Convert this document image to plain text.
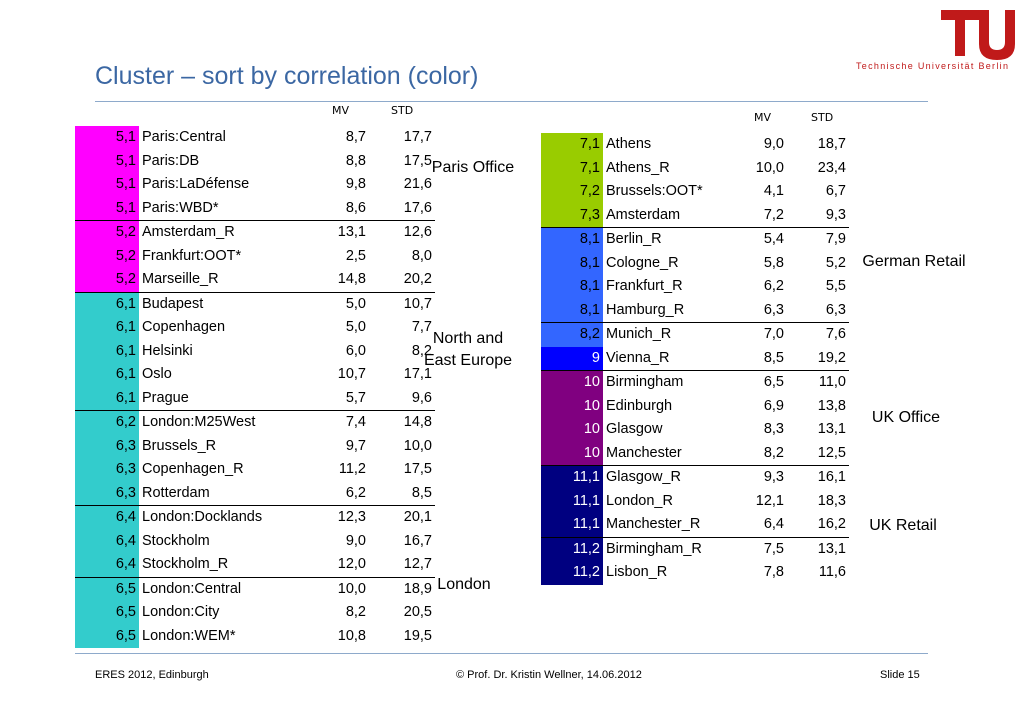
Cluster – sort by correlation (color)	Technische Universität Berlin
MV	STD
5,1	Paris:Central	8,7	17,7
5,1	Paris:DB	8,8	17,5
5,1	Paris:LaDéfense	9,8	21,6
5,1	Paris:WBD*	8,6	17,6
5,2	Amsterdam_R	13,1	12,6
5,2	Frankfurt:OOT*	2,5	8,0
5,2	Marseille_R	14,8	20,2
6,1	Budapest	5,0	10,7
6,1	Copenhagen	5,0	7,7
6,1	Helsinki	6,0	8,2
6,1	Oslo	10,7	17,1
6,1	Prague	5,7	9,6
6,2	London:M25West	7,4	14,8
6,3	Brussels_R	9,7	10,0
6,3	Copenhagen_R	11,2	17,5
6,3	Rotterdam	6,2	8,5
6,4	London:Docklands	12,3	20,1
6,4	Stockholm	9,0	16,7
6,4	Stockholm_R	12,0	12,7
6,5	London:Central	10,0	18,9
6,5	London:City	8,2	20,5
6,5	London:WEM*	10,8	19,5
MV	STD
7,1	Athens	9,0	18,7
7,1	Athens_R	10,0	23,4
7,2	Brussels:OOT*	4,1	6,7
7,3	Amsterdam	7,2	9,3
8,1	Berlin_R	5,4	7,9
8,1	Cologne_R	5,8	5,2
8,1	Frankfurt_R	6,2	5,5
8,1	Hamburg_R	6,3	6,3
8,2	Munich_R	7,0	7,6
9	Vienna_R	8,5	19,2
10	Birmingham	6,5	11,0
10	Edinburgh	6,9	13,8
10	Glasgow	8,3	13,1
10	Manchester	8,2	12,5
11,1	Glasgow_R	9,3	16,1
11,1	London_R	12,1	18,3
11,1	Manchester_R	6,4	16,2
11,2	Birmingham_R	7,5	13,1
11,2	Lisbon_R	7,8	11,6
Paris Office
North and
East Europe
London
German Retail
UK Office
UK Retail
ERES 2012, Edinburgh	© Prof. Dr. Kristin Wellner, 14.06.2012	Slide 15
